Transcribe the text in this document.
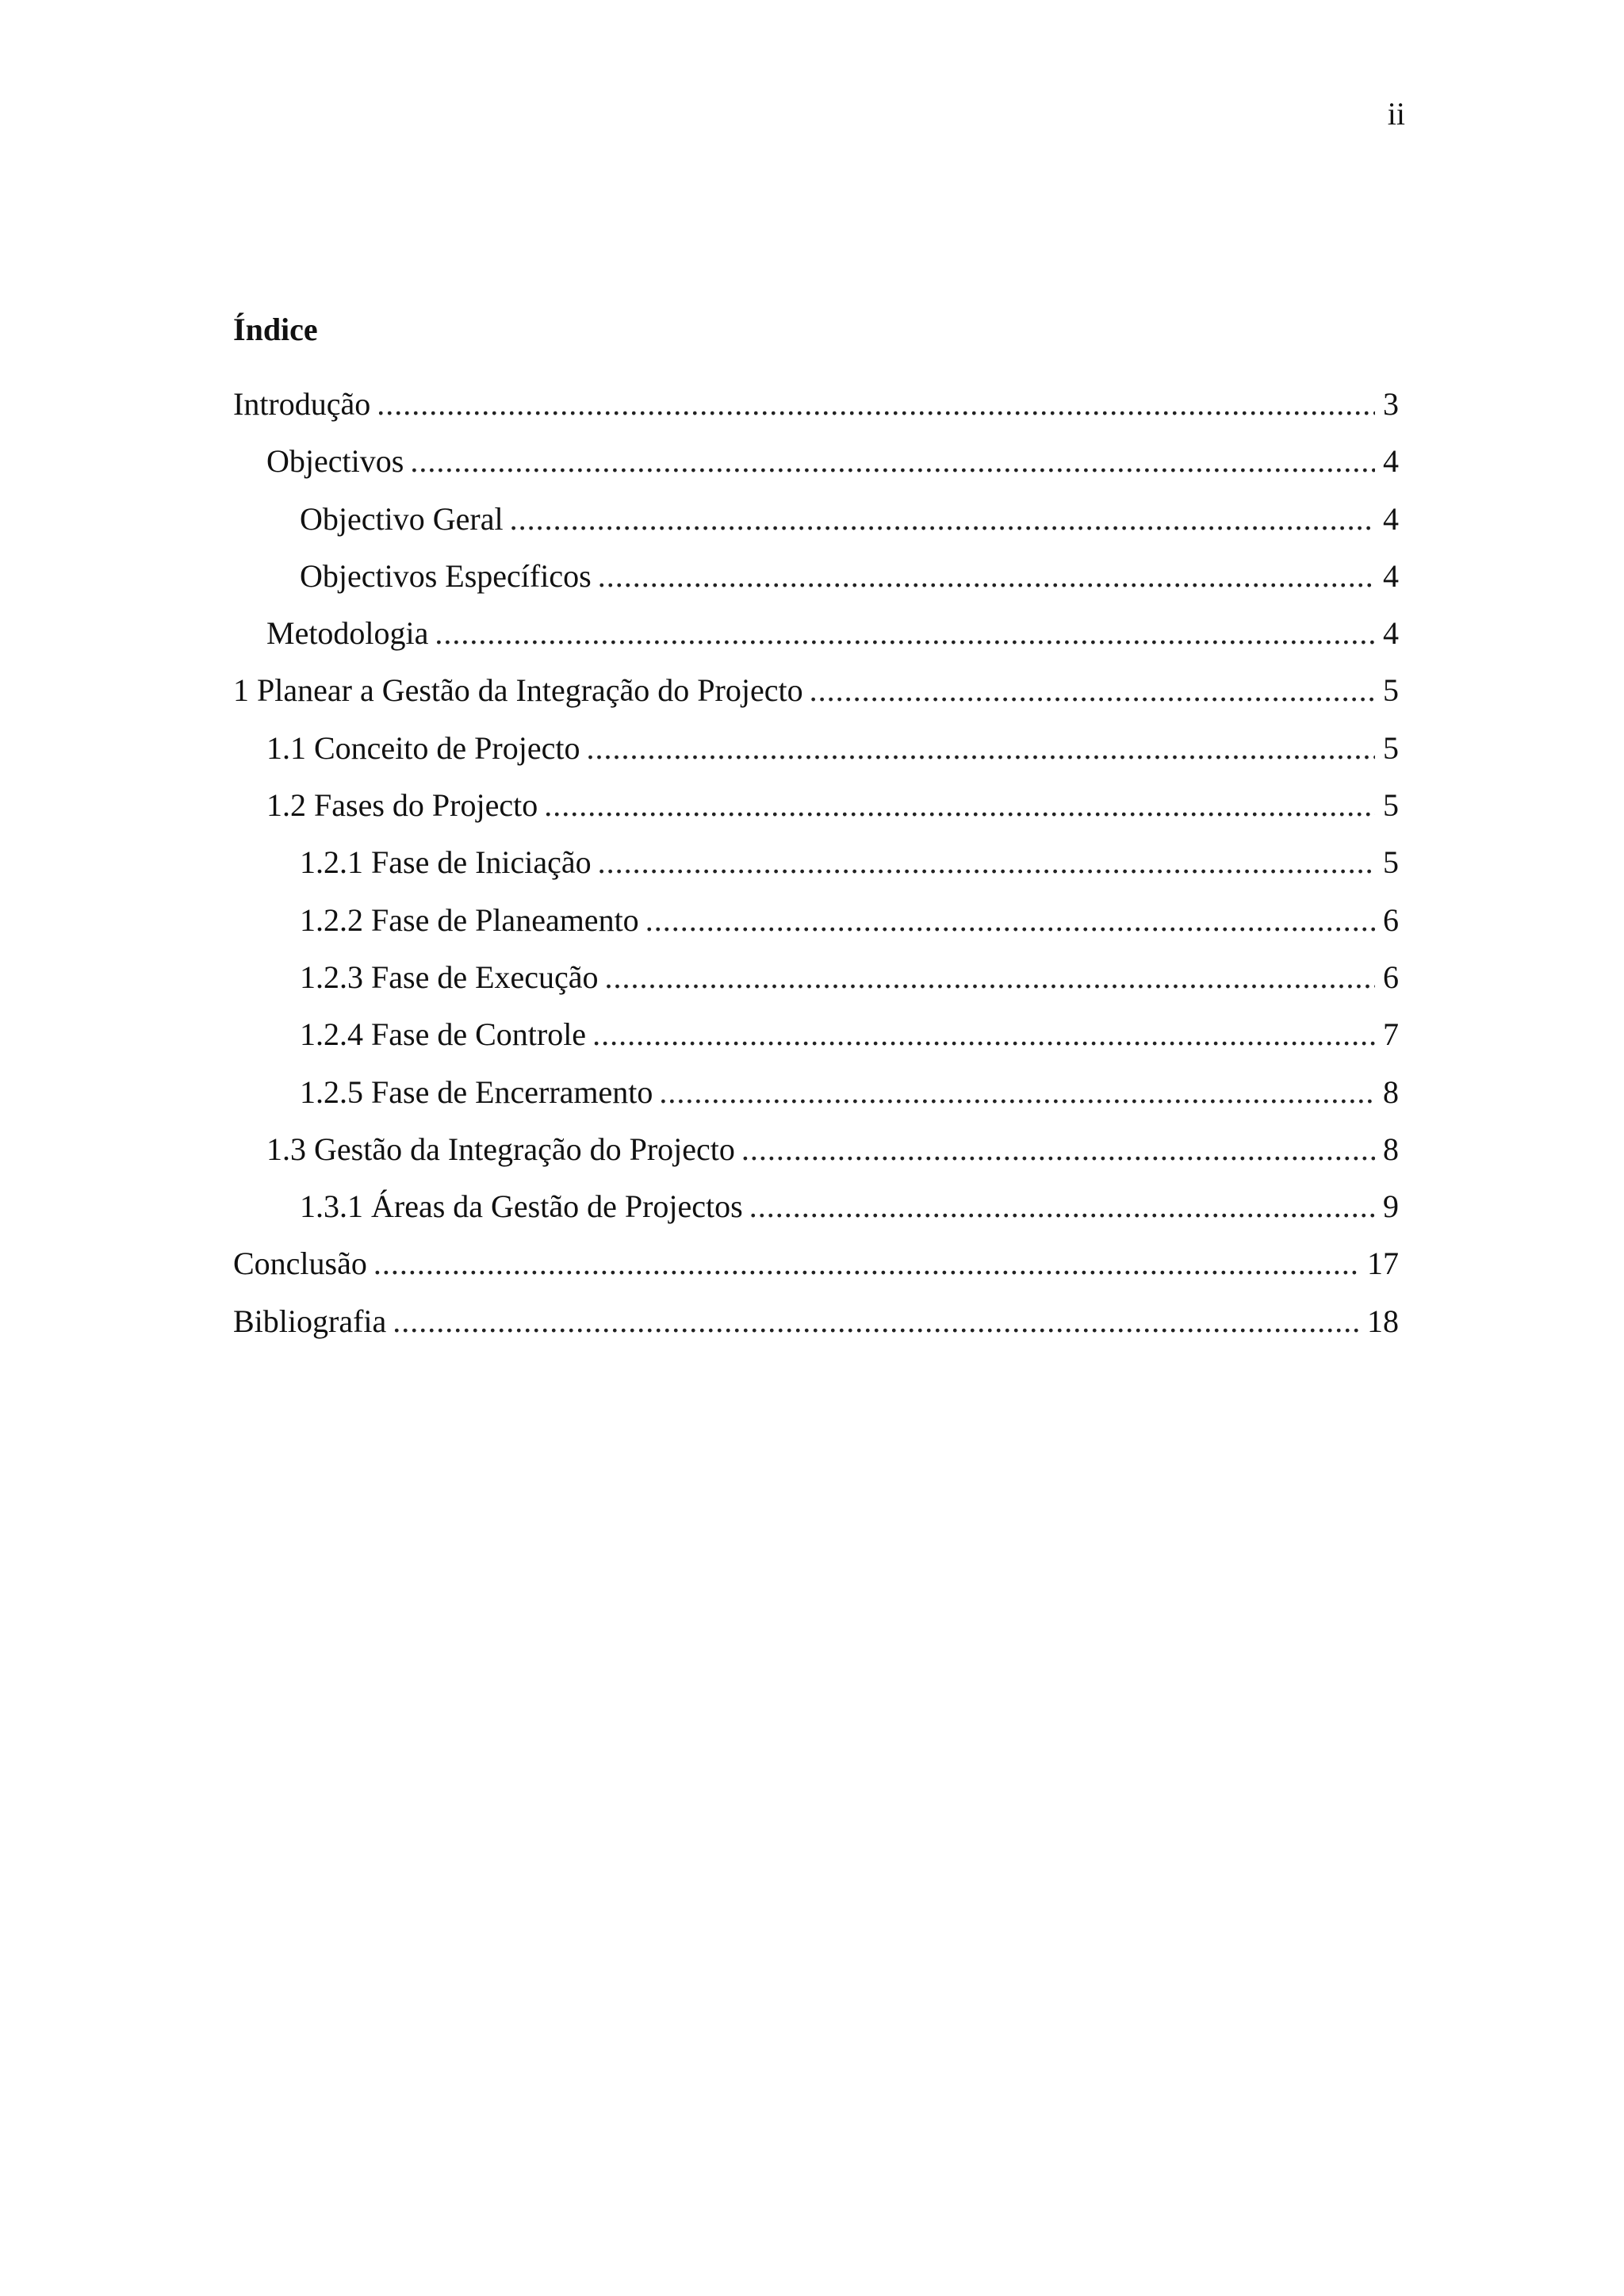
ii
Índice
Introdução .....	3
Objectivos .....	4
Objectivo Geral .....	4
Objectivos Específicos .....	4
Metodologia .....	4
1 Planear a Gestão da Integração do Projecto .....	5
1.1 Conceito de Projecto .....	5
1.2 Fases do Projecto .....	5
1.2.1 Fase de Iniciação .....	5
1.2.2 Fase de Planeamento .....	6
1.2.3 Fase de Execução .....	6
1.2.4 Fase de Controle .....	7
1.2.5 Fase de Encerramento .....	8
1.3 Gestão da Integração do Projecto .....	8
1.3.1 Áreas da Gestão de Projectos .....	9
Conclusão .....	17
Bibliografia .....	18
